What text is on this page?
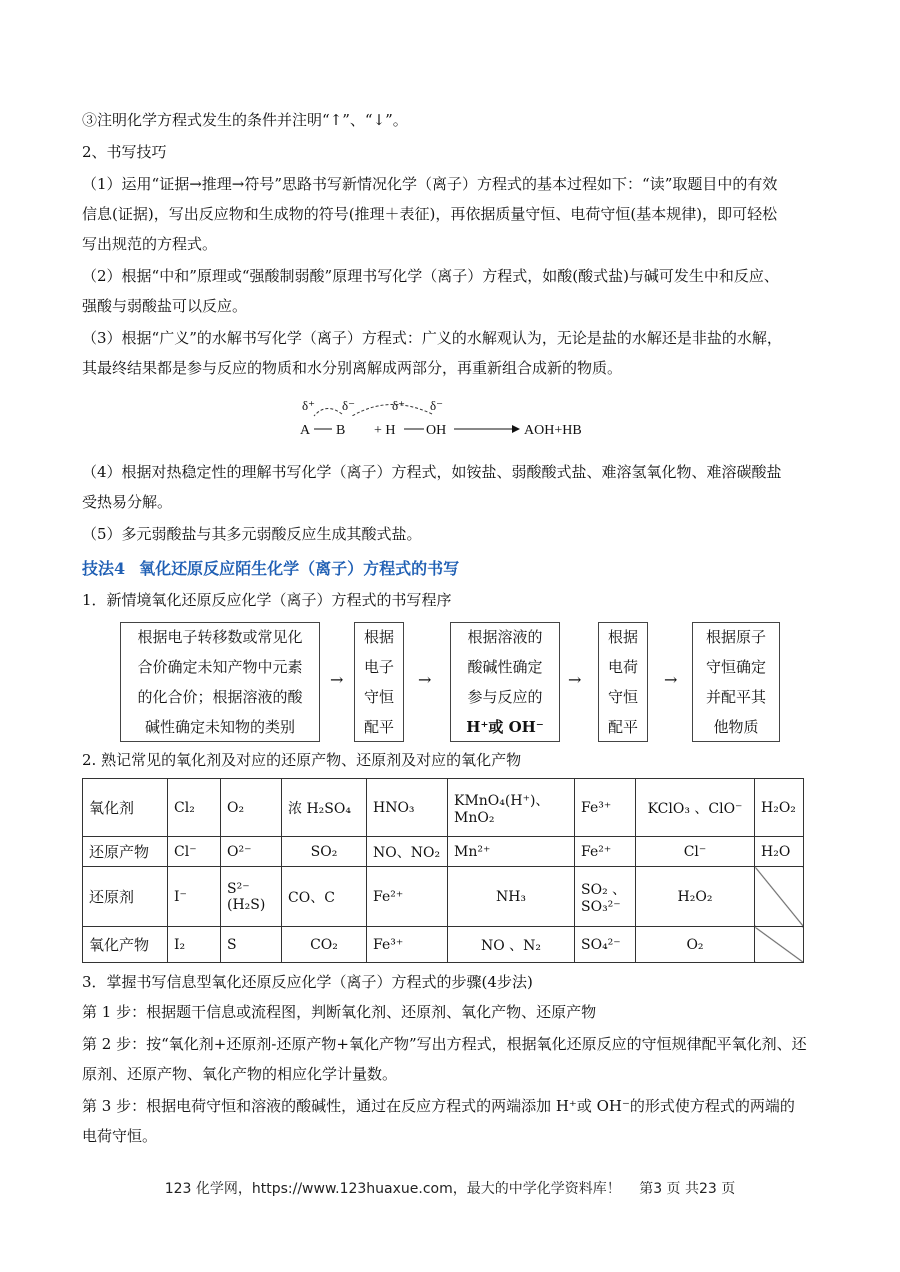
③注明化学方程式发生的条件并注明“↑”、“↓”。
2、书写技巧
（1）运用“证据→推理→符号”思路书写新情况化学（离子）方程式的基本过程如下：“读”取题目中的有效
信息(证据)，写出反应物和生成物的符号(推理＋表征)，再依据质量守恒、电荷守恒(基本规律)，即可轻松
写出规范的方程式。
（2）根据“中和”原理或“强酸制弱酸”原理书写化学（离子）方程式，如酸(酸式盐)与碱可发生中和反应、
强酸与弱酸盐可以反应。
（3）根据“广义”的水解书写化学（离子）方程式：广义的水解观认为，无论是盐的水解还是非盐的水解，
其最终结果都是参与反应的物质和水分别离解成两部分，再重新组合成新的物质。
δ⁺ δ⁻	δ⁺ δ⁻
A B + H OH	AOH+HB
（4）根据对热稳定性的理解书写化学（离子）方程式，如铵盐、弱酸酸式盐、难溶氢氧化物、难溶碳酸盐
受热易分解。
（5）多元弱酸盐与其多元弱酸反应生成其酸式盐。
技法4 氧化还原反应陌生化学（离子）方程式的书写
1．新情境氧化还原反应化学（离子）方程式的书写程序
根据电子转移数或常见化
合价确定未知产物中元素
的化合价；根据溶液的酸
碱性确定未知物的类别
→
根据
电子
守恒
配平
→
根据溶液的
酸碱性确定
参与反应的
H⁺或 OH⁻
→
根据
电荷
守恒
配平
→
根据原子
守恒确定
并配平其
他物质
2. 熟记常见的氧化剂及对应的还原产物、还原剂及对应的氧化产物
氧化剂	Cl₂	O₂	浓 H₂SO₄	HNO₃	KMnO₄(H⁺)、MnO₂	Fe³⁺	KClO₃ 、ClO⁻	H₂O₂
还原产物	Cl⁻	O²⁻	SO₂	NO、NO₂	Mn²⁺	Fe²⁺	Cl⁻	H₂O
还原剂	I⁻	S²⁻ (H₂S)	CO、C	Fe²⁺	NH₃	SO₂ 、SO₃²⁻	H₂O₂	
氧化产物	I₂	S	CO₂	Fe³⁺	NO 、N₂	SO₄²⁻	O₂	
3．掌握书写信息型氧化还原反应化学（离子）方程式的步骤(4步法)
第 1 步：根据题干信息或流程图，判断氧化剂、还原剂、氧化产物、还原产物
第 2 步：按“氧化剂+还原剂-还原产物+氧化产物”写出方程式，根据氧化还原反应的守恒规律配平氧化剂、还
原剂、还原产物、氧化产物的相应化学计量数。
第 3 步：根据电荷守恒和溶液的酸碱性，通过在反应方程式的两端添加 H⁺或 OH⁻的形式使方程式的两端的
电荷守恒。
123 化学网，https://www.123huaxue.com，最大的中学化学资料库！ 第3 页 共23 页
